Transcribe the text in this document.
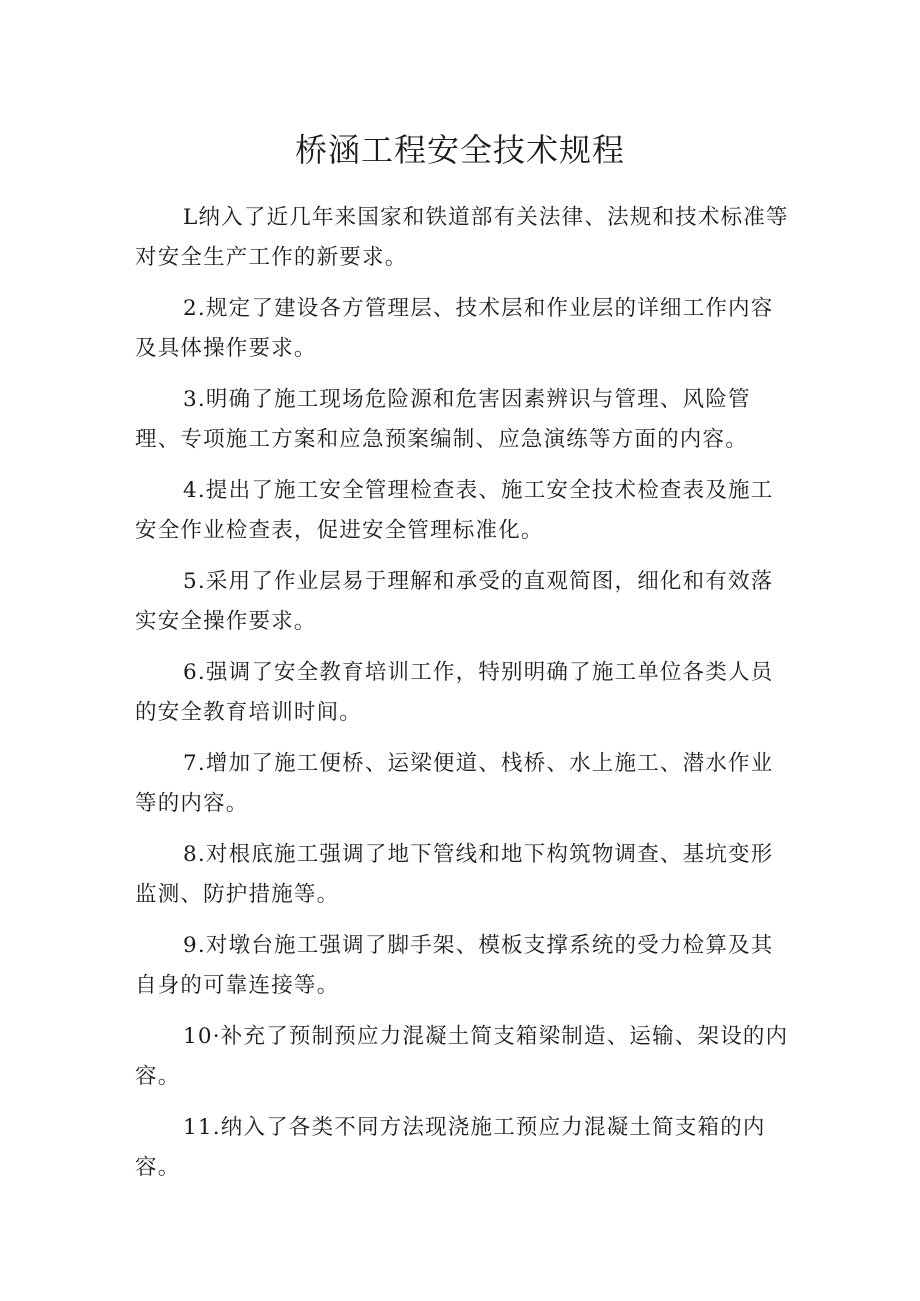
桥涵工程安全技术规程

L纳入了近几年来国家和铁道部有关法律、法规和技术标准等对安全生产工作的新要求。

2.规定了建设各方管理层、技术层和作业层的详细工作内容及具体操作要求。

3.明确了施工现场危险源和危害因素辨识与管理、风险管理、专项施工方案和应急预案编制、应急演练等方面的内容。

4.提出了施工安全管理检查表、施工安全技术检查表及施工安全作业检查表，促进安全管理标准化。

5.采用了作业层易于理解和承受的直观简图，细化和有效落实安全操作要求。

6.强调了安全教育培训工作，特别明确了施工单位各类人员的安全教育培训时间。

7.增加了施工便桥、运梁便道、栈桥、水上施工、潜水作业等的内容。

8.对根底施工强调了地下管线和地下构筑物调查、基坑变形监测、防护措施等。

9.对墩台施工强调了脚手架、模板支撑系统的受力检算及其自身的可靠连接等。

10·补充了预制预应力混凝土简支箱梁制造、运输、架设的内容。

11.纳入了各类不同方法现浇施工预应力混凝土简支箱的内容。
